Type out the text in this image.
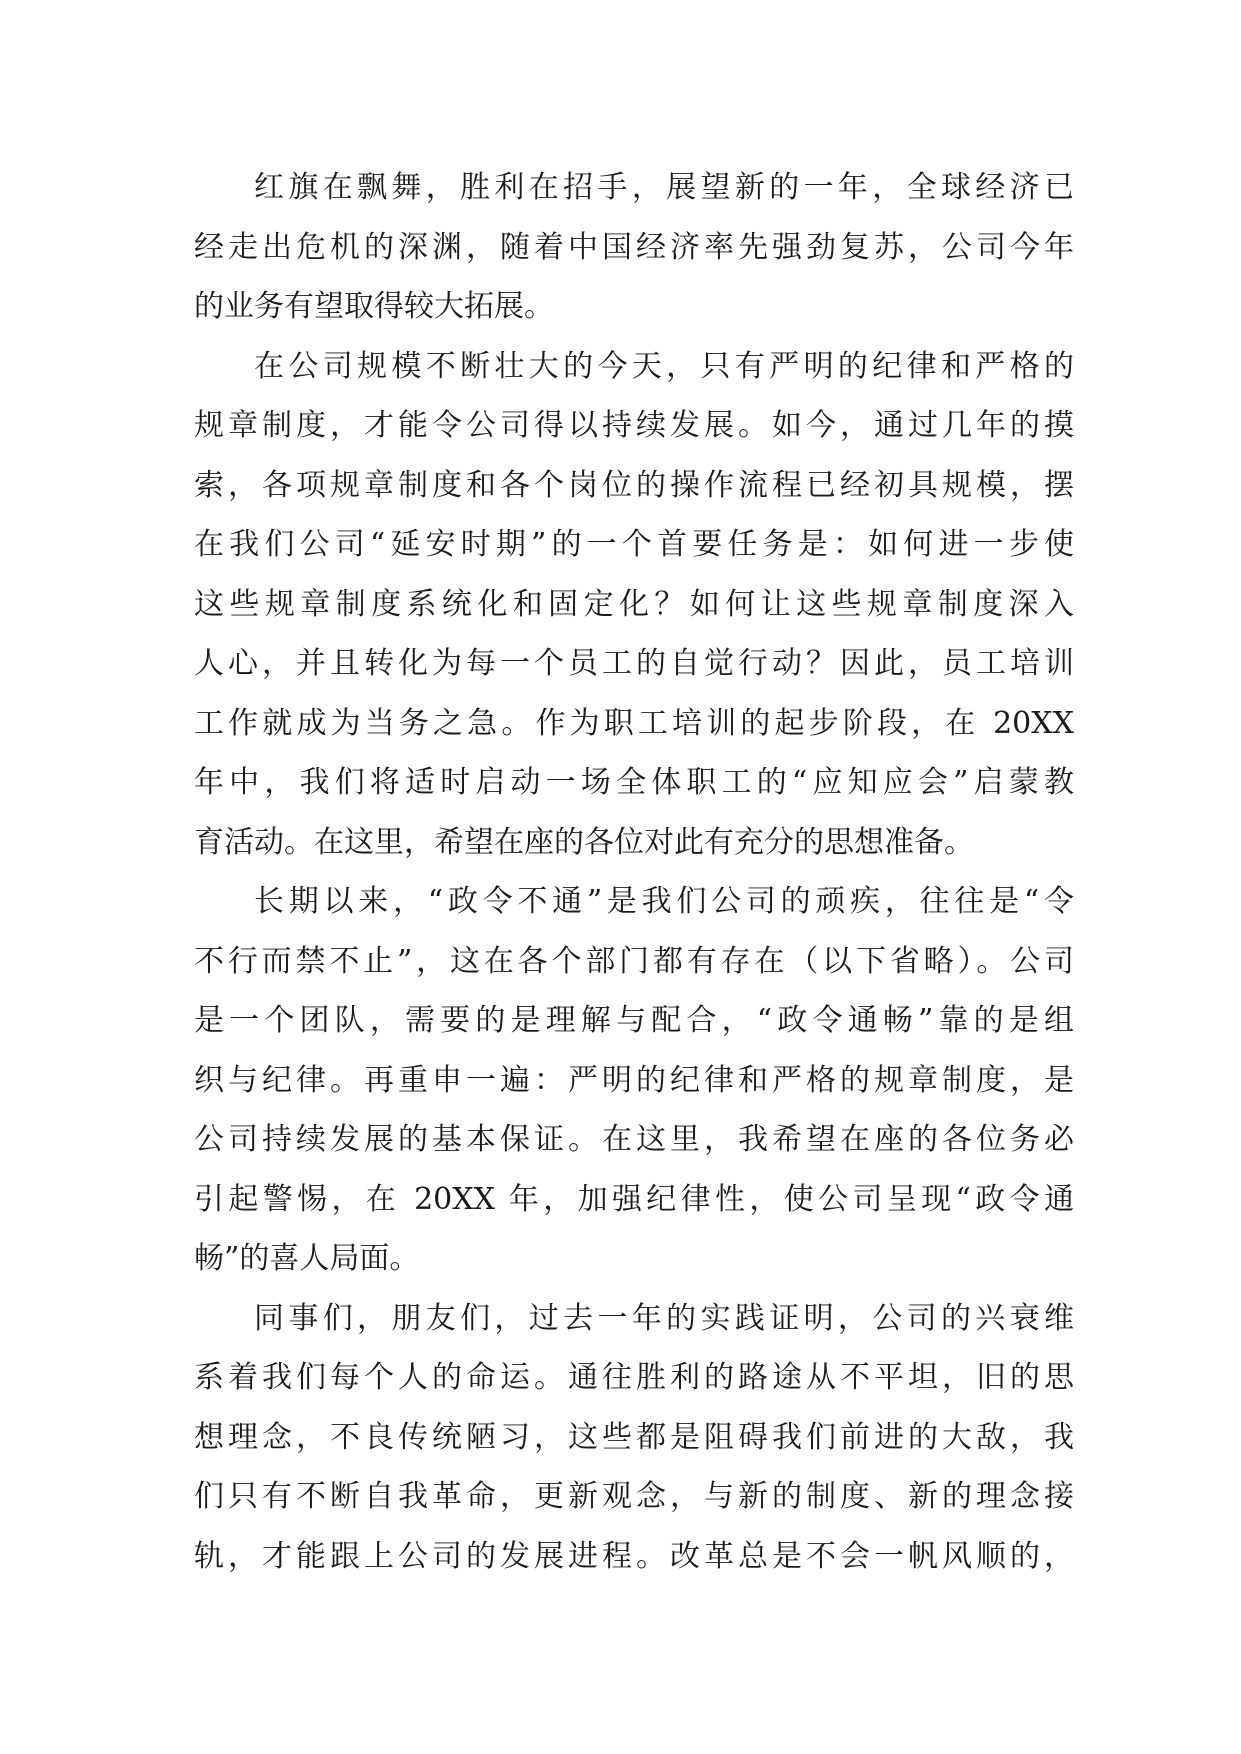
红旗在飘舞，胜利在招手，展望新的一年，全球经济已
经走出危机的深渊，随着中国经济率先强劲复苏，公司今年
的业务有望取得较大拓展。
在公司规模不断壮大的今天，只有严明的纪律和严格的
规章制度，才能令公司得以持续发展。如今，通过几年的摸
索，各项规章制度和各个岗位的操作流程已经初具规模，摆
在我们公司“延安时期”的一个首要任务是：如何进一步使
这些规章制度系统化和固定化？如何让这些规章制度深入
人心，并且转化为每一个员工的自觉行动？因此，员工培训
工作就成为当务之急。作为职工培训的起步阶段，在 20XX
年中，我们将适时启动一场全体职工的“应知应会”启蒙教
育活动。在这里，希望在座的各位对此有充分的思想准备。
长期以来，“政令不通”是我们公司的顽疾，往往是“令
不行而禁不止”，这在各个部门都有存在（以下省略）。公司
是一个团队，需要的是理解与配合，“政令通畅”靠的是组
织与纪律。再重申一遍：严明的纪律和严格的规章制度，是
公司持续发展的基本保证。在这里，我希望在座的各位务必
引起警惕，在 20XX 年，加强纪律性，使公司呈现“政令通
畅”的喜人局面。
同事们，朋友们，过去一年的实践证明，公司的兴衰维
系着我们每个人的命运。通往胜利的路途从不平坦，旧的思
想理念，不良传统陋习，这些都是阻碍我们前进的大敌，我
们只有不断自我革命，更新观念，与新的制度、新的理念接
轨，才能跟上公司的发展进程。改革总是不会一帆风顺的，
